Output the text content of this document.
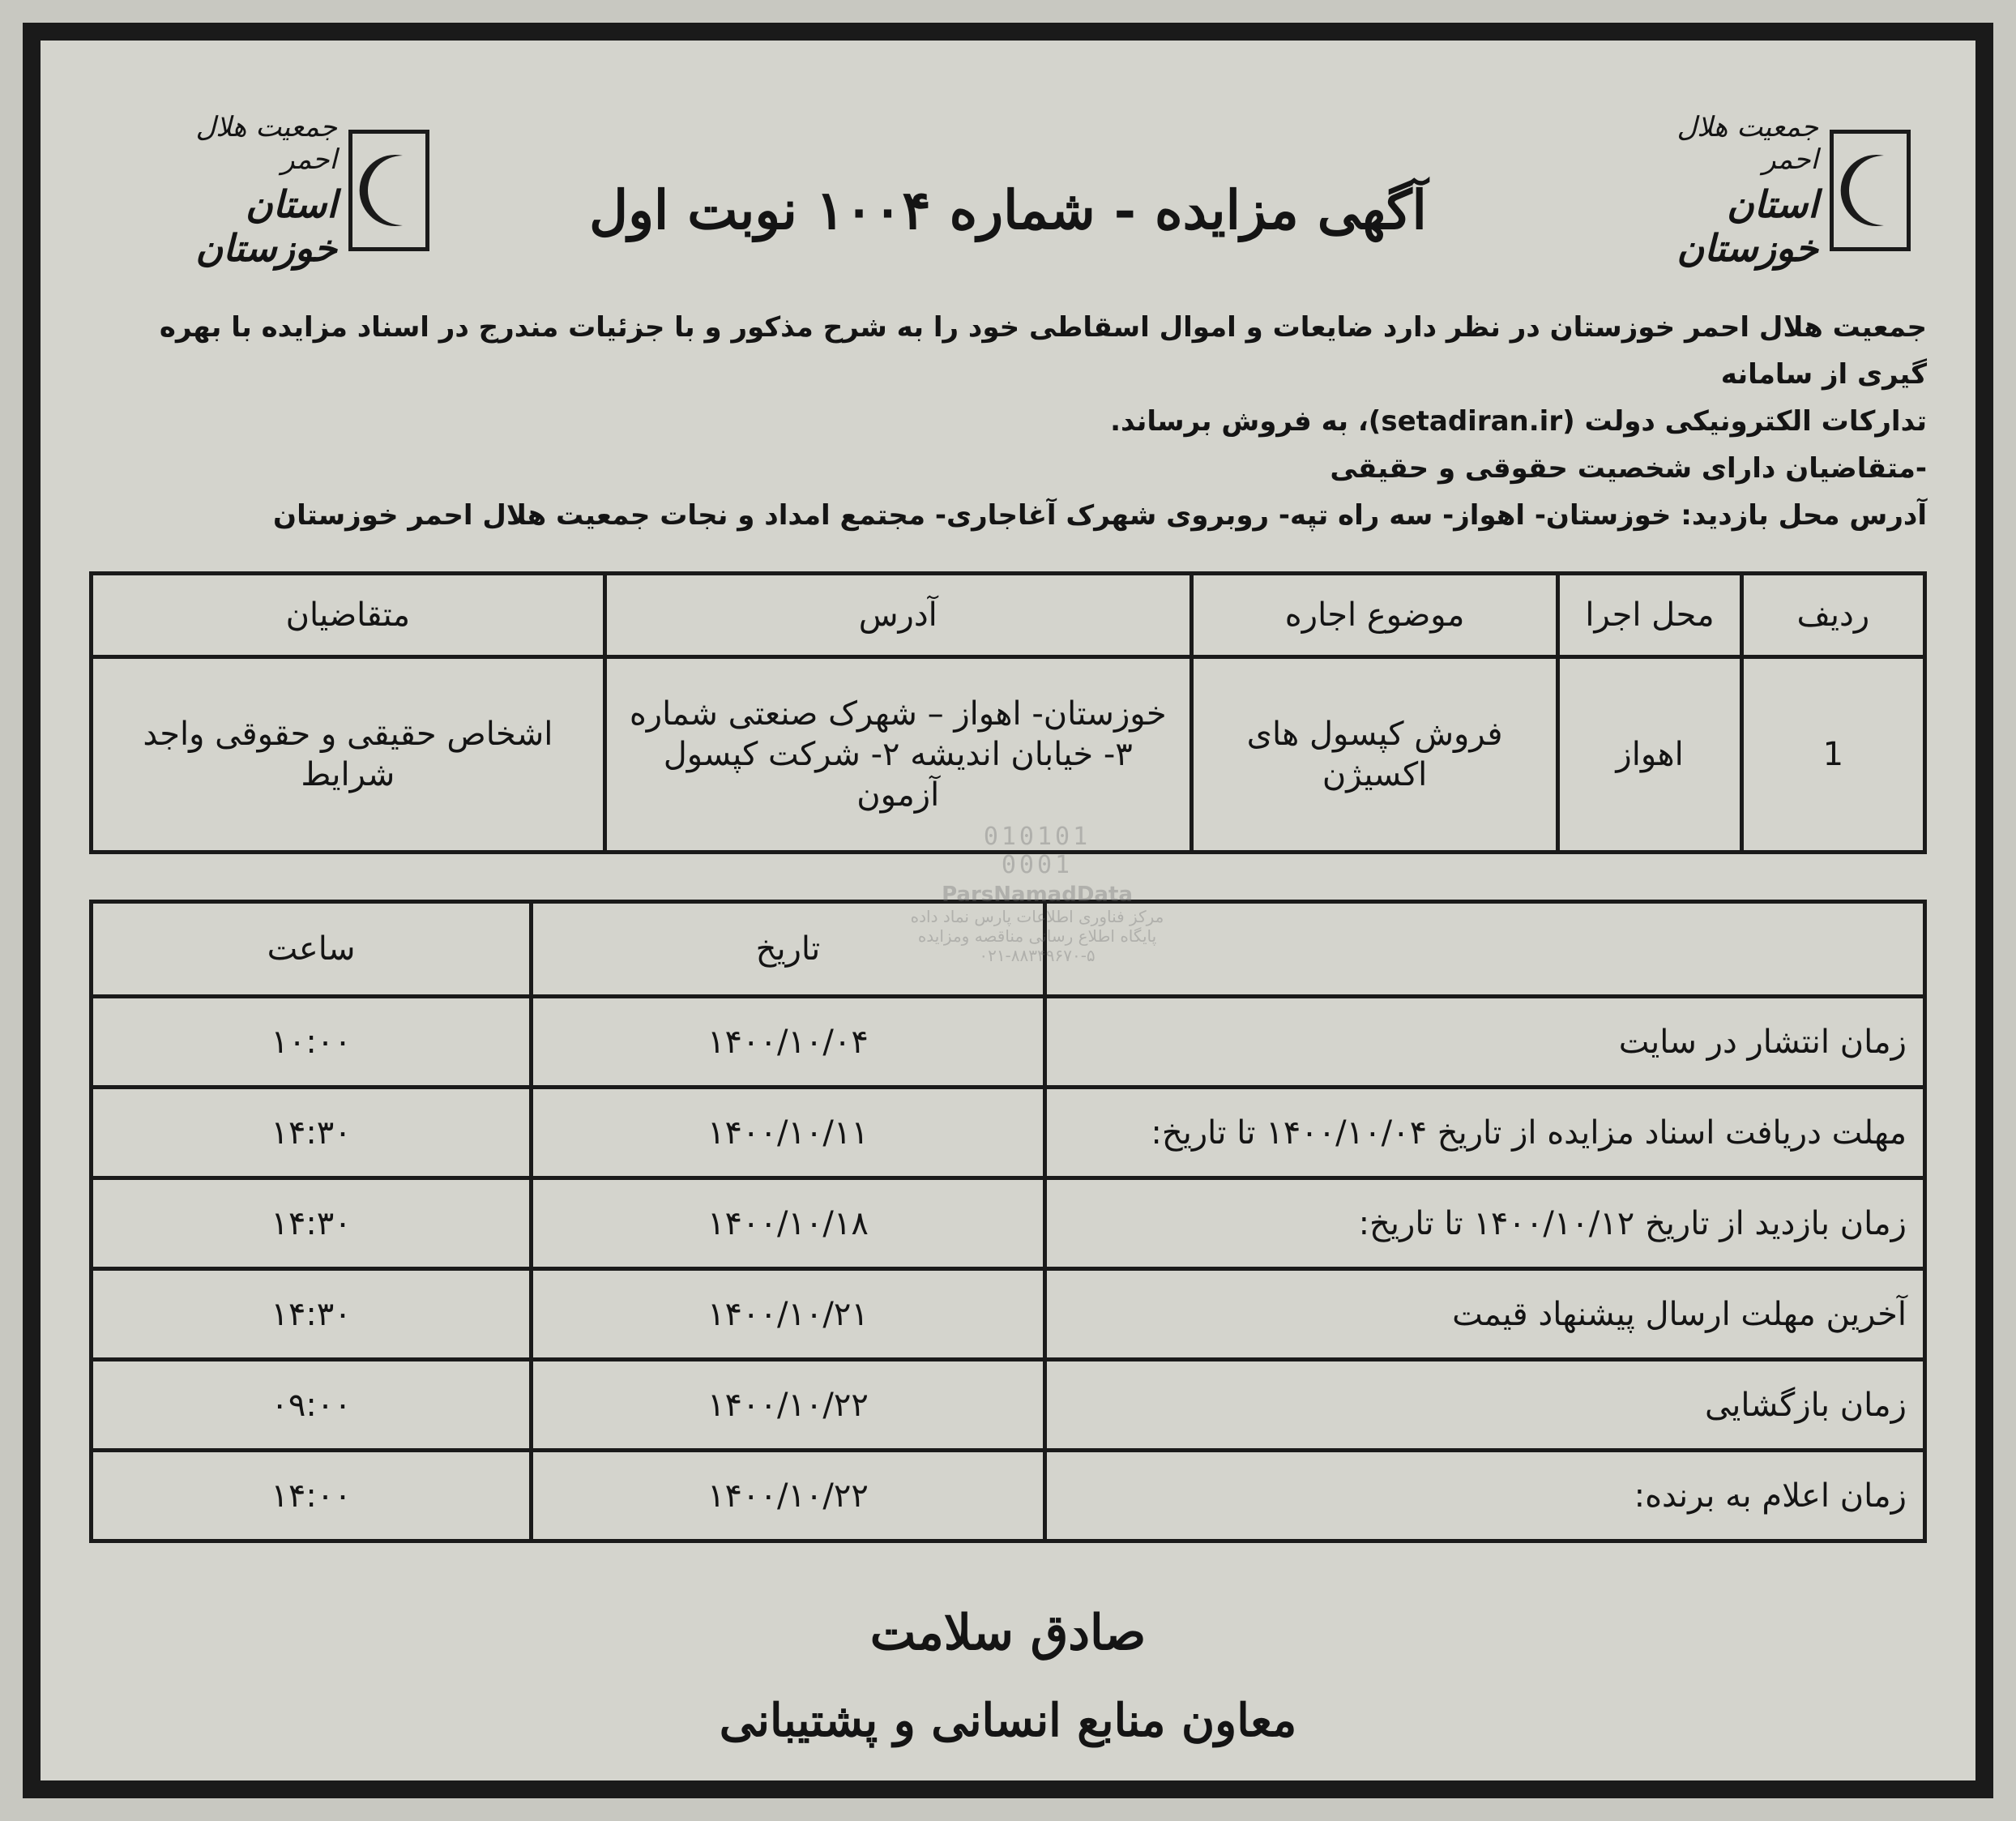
جمعیت هلال احمر
استان خوزستان
جمعیت هلال احمر
استان خوزستان
آگهی مزایده - شماره ۱۰۰۴ نوبت اول

جمعیت هلال احمر خوزستان در نظر دارد ضایعات و اموال اسقاطی خود را به شرح مذکور و با جزئیات مندرج در اسناد مزایده با بهره گیری از سامانه

تدارکات الکترونیکی دولت (setadiran.ir)، به فروش برساند.

-متقاضیان دارای شخصیت حقوقی و حقیقی

آدرس محل بازدید: خوزستان- اهواز- سه راه تپه- روبروی شهرک آغاجاری- مجتمع امداد و نجات جمعیت هلال احمر خوزستان

ردیف	محل اجرا	موضوع اجاره	آدرس	متقاضیان
1	اهواز	فروش کپسول های اکسیژن	خوزستان- اهواز – شهرک صنعتی شماره ۳- خیابان اندیشه ۲- شرکت کپسول آزمون	اشخاص حقیقی و حقوقی واجد شرایط
	تاریخ	ساعت
زمان انتشار در سایت	۱۴۰۰/۱۰/۰۴	۱۰:۰۰
مهلت دریافت اسناد مزایده از تاریخ ۱۴۰۰/۱۰/۰۴ تا تاریخ:	۱۴۰۰/۱۰/۱۱	۱۴:۳۰
زمان بازدید از تاریخ ۱۴۰۰/۱۰/۱۲ تا تاریخ:	۱۴۰۰/۱۰/۱۸	۱۴:۳۰
آخرین مهلت ارسال پیشنهاد قیمت	۱۴۰۰/۱۰/۲۱	۱۴:۳۰
زمان بازگشایی	۱۴۰۰/۱۰/۲۲	۰۹:۰۰
زمان اعلام به برنده:	۱۴۰۰/۱۰/۲۲	۱۴:۰۰
010101
0001
ParsNamadData
مرکز فناوری اطلاعات پارس نماد داده
پایگاه اطلاع رسانی مناقصه ومزایده
۰۲۱-۸۸۳۴۹۶۷۰-۵
صادق سلامت
معاون منابع انسانی و پشتیبانی
